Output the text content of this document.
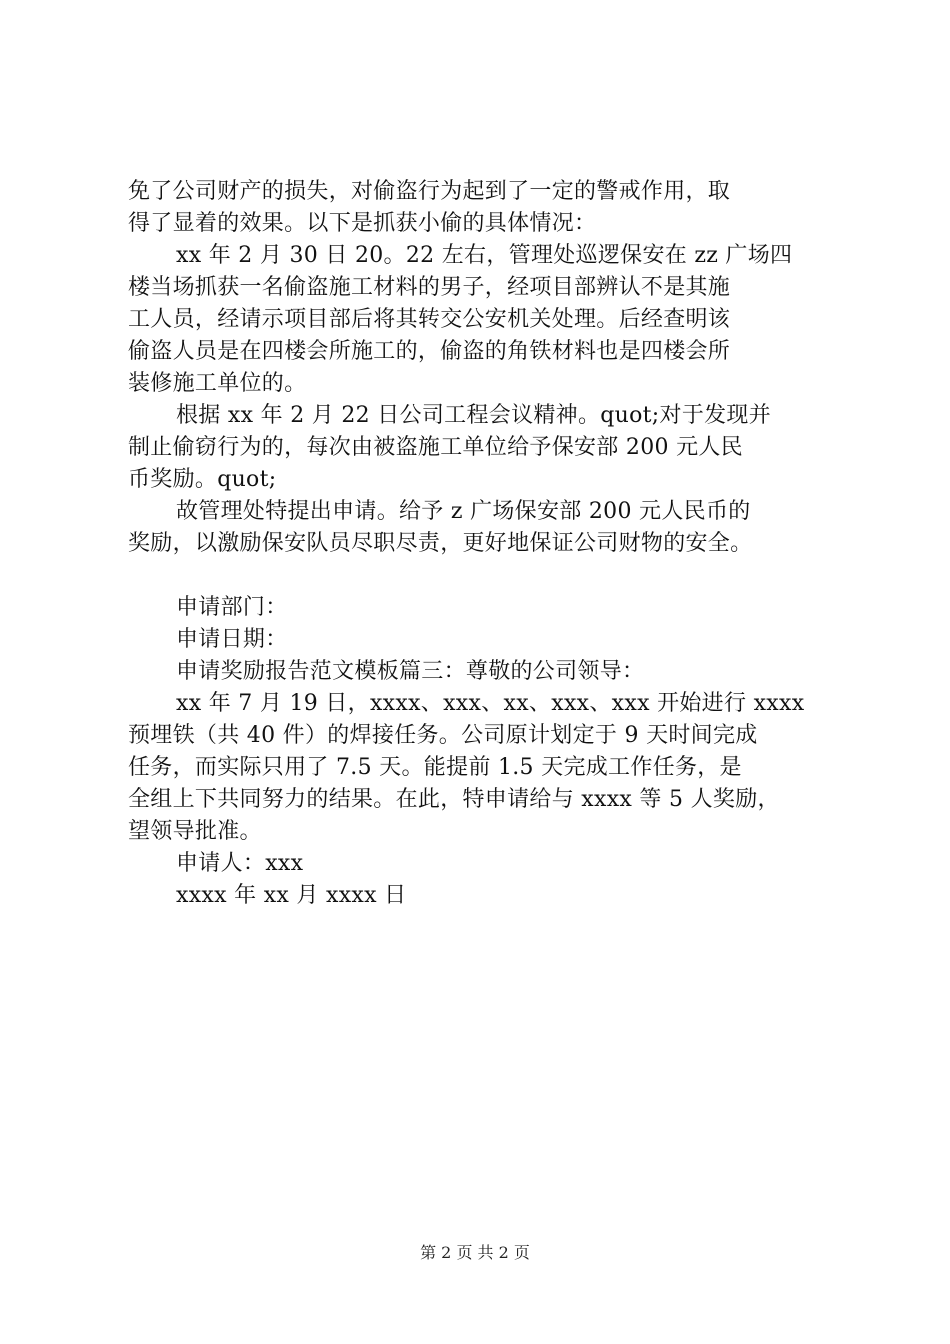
免了公司财产的损失，对偷盗行为起到了一定的警戒作用，取
得了显着的效果。以下是抓获小偷的具体情况：
xx 年 2 月 30 日 20。22 左右，管理处巡逻保安在 zz 广场四
楼当场抓获一名偷盗施工材料的男子，经项目部辨认不是其施
工人员，经请示项目部后将其转交公安机关处理。后经查明该
偷盗人员是在四楼会所施工的，偷盗的角铁材料也是四楼会所
装修施工单位的。
根据 xx 年 2 月 22 日公司工程会议精神。quot;对于发现并
制止偷窃行为的，每次由被盗施工单位给予保安部 200 元人民
币奖励。quot;
故管理处特提出申请。给予 z 广场保安部 200 元人民币的
奖励，以激励保安队员尽职尽责，更好地保证公司财物的安全。
申请部门：
申请日期：
申请奖励报告范文模板篇三：尊敬的公司领导：
xx 年 7 月 19 日，xxxx、xxx、xx、xxx、xxx 开始进行 xxxx
预埋铁（共 40 件）的焊接任务。公司原计划定于 9 天时间完成
任务，而实际只用了 7.5 天。能提前 1.5 天完成工作任务，是
全组上下共同努力的结果。在此，特申请给与 xxxx 等 5 人奖励，
望领导批准。
申请人：xxx
xxxx 年 xx 月 xxxx 日
第 2 页 共 2 页
